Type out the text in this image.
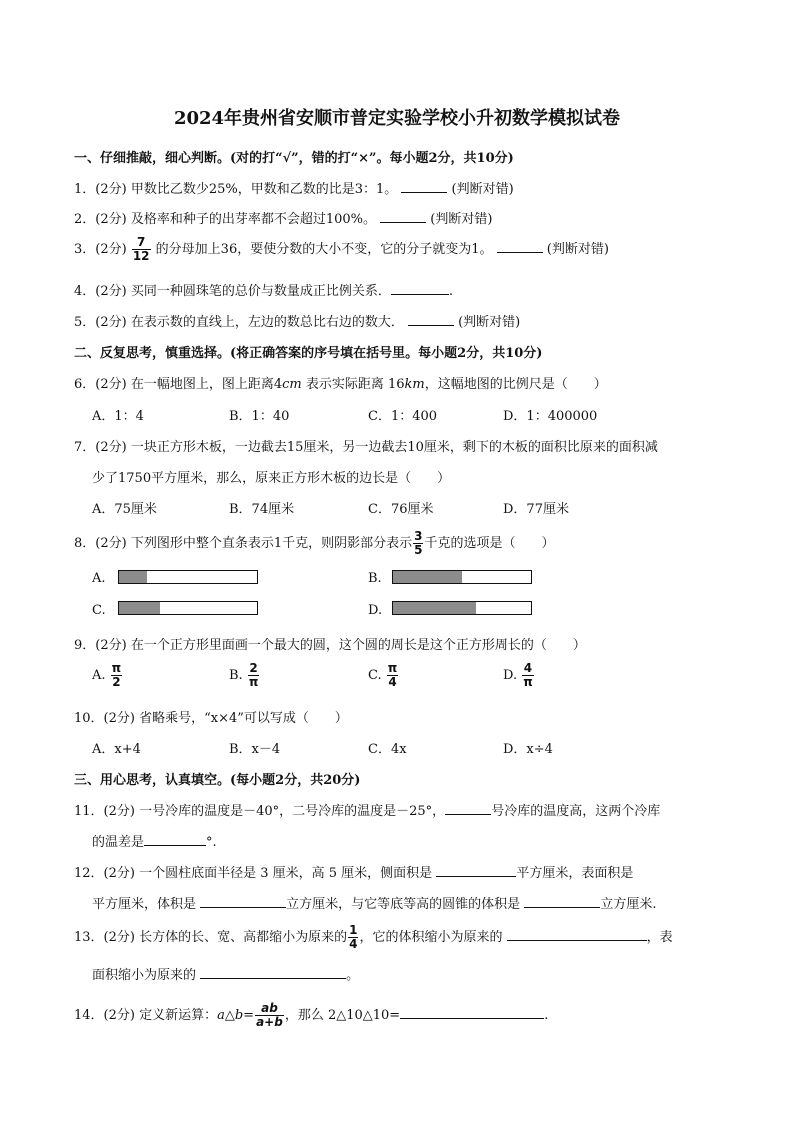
2024年贵州省安顺市普定实验学校小升初数学模拟试卷
一、仔细推敲，细心判断。(对的打“√”，错的打“×”。每小题2分，共10分)
1．(2分) 甲数比乙数少25%，甲数和乙数的比是3：1。	(判断对错)
2．(2分) 及格率和种子的出芽率都不会超过100%。	(判断对错)
3．(2分) $\frac{7}{12}$ 的分母加上36，要使分数的大小不变，它的分子就变为1。	(判断对错)
4．(2分) 买同一种圆珠笔的总价与数量成正比例关系．	.
5．(2分) 在表示数的直线上，左边的数总比右边的数大．	(判断对错)
二、反复思考，慎重选择。(将正确答案的序号填在括号里。每小题2分，共10分)
6．(2分) 在一幅地图上，图上距离4cm 表示实际距离 16km，这幅地图的比例尺是（　　）
A．1：4	B．1：40	C．1：400	D．1：400000
7．(2分) 一块正方形木板，一边截去15厘米，另一边截去10厘米，剩下的木板的面积比原来的面积减
少了1750平方厘米，那么，原来正方形木板的边长是（　　）
A．75厘米	B．74厘米	C．76厘米	D．77厘米
8．(2分) 下列图形中整个直条表示1千克，则阴影部分表示 $\frac{3}{5}$ 千克的选项是（　　）
A.	B.
C.	D.
9．(2分) 在一个正方形里面画一个最大的圆，这个圆的周长是这个正方形周长的（　　）
A. $\frac{\pi}{2}$	B. $\frac{2}{\pi}$	C. $\frac{\pi}{4}$	D. $\frac{4}{\pi}$
10．(2分) 省略乘号，“x×4”可以写成（　　）
A．x+4	B．x－4	C．4x	D．x÷4
三、用心思考，认真填空。(每小题2分，共20分)
11．(2分) 一号冷库的温度是－40°，二号冷库的温度是－25°，	号冷库的温度高，这两个冷库
的温差是	°.
12．(2分) 一个圆柱底面半径是 3 厘米，高 5 厘米，侧面积是	平方厘米，表面积是
平方厘米，体积是	立方厘米，与它等底等高的圆锥的体积是	立方厘米.
13．(2分) 长方体的长、宽、高都缩小为原来的 $\frac{1}{4}$ ，它的体积缩小为原来的	，表
面积缩小为原来的	。
14．(2分) 定义新运算：a△b= $\frac{ab}{a+b}$ ，那么 2△10△10=	.
